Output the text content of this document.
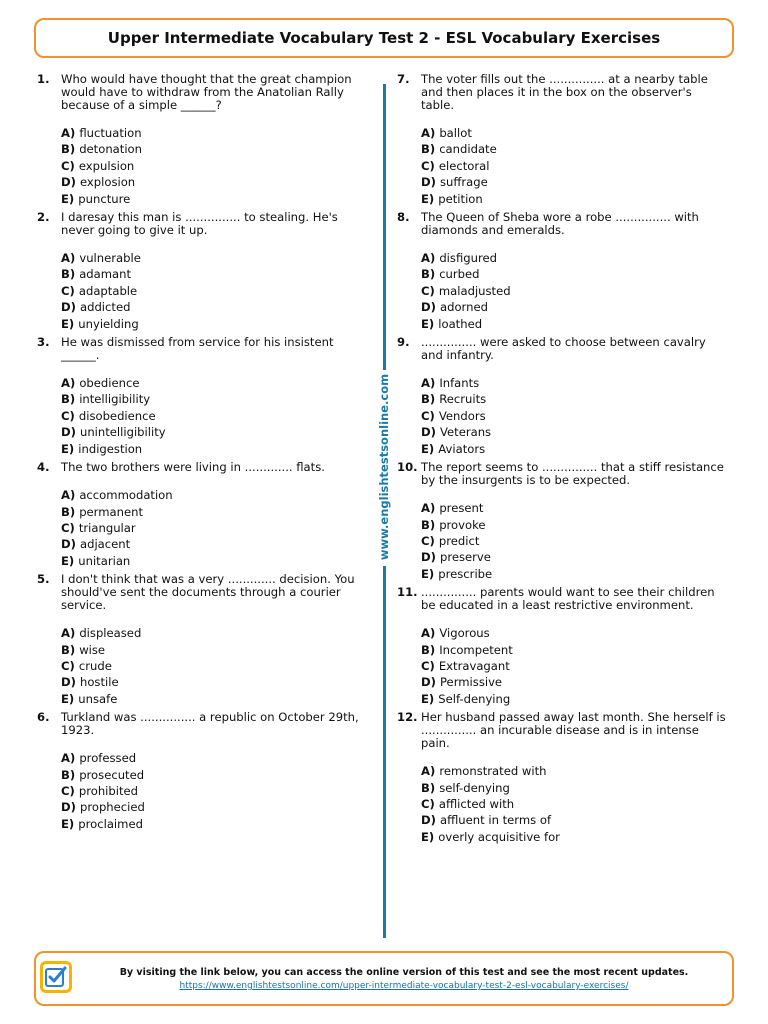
Upper Intermediate Vocabulary Test 2 - ESL Vocabulary Exercises
1. Who would have thought that the great champion would have to withdraw from the Anatolian Rally because of a simple ______?
A) fluctuation
B) detonation
C) expulsion
D) explosion
E) puncture
2. I daresay this man is ............... to stealing. He's never going to give it up.
A) vulnerable
B) adamant
C) adaptable
D) addicted
E) unyielding
3. He was dismissed from service for his insistent ______.
A) obedience
B) intelligibility
C) disobedience
D) unintelligibility
E) indigestion
4. The two brothers were living in ............. flats.
A) accommodation
B) permanent
C) triangular
D) adjacent
E) unitarian
5. I don't think that was a very ............. decision. You should've sent the documents through a courier service.
A) displeased
B) wise
C) crude
D) hostile
E) unsafe
6. Turkland was ............... a republic on October 29th, 1923.
A) professed
B) prosecuted
C) prohibited
D) prophecied
E) proclaimed
www.englishtestsonline.com
7. The voter fills out the ............... at a nearby table and then places it in the box on the observer's table.
A) ballot
B) candidate
C) electoral
D) suffrage
E) petition
8. The Queen of Sheba wore a robe ............... with diamonds and emeralds.
A) disfigured
B) curbed
C) maladjusted
D) adorned
E) loathed
9. ............... were asked to choose between cavalry and infantry.
A) Infants
B) Recruits
C) Vendors
D) Veterans
E) Aviators
10. The report seems to ............... that a stiff resistance by the insurgents is to be expected.
A) present
B) provoke
C) predict
D) preserve
E) prescribe
11. ............... parents would want to see their children be educated in a least restrictive environment.
A) Vigorous
B) Incompetent
C) Extravagant
D) Permissive
E) Self-denying
12. Her husband passed away last month. She herself is ............... an incurable disease and is in intense pain.
A) remonstrated with
B) self-denying
C) afflicted with
D) affluent in terms of
E) overly acquisitive for
By visiting the link below, you can access the online version of this test and see the most recent updates.
https://www.englishtestsonline.com/upper-intermediate-vocabulary-test-2-esl-vocabulary-exercises/
